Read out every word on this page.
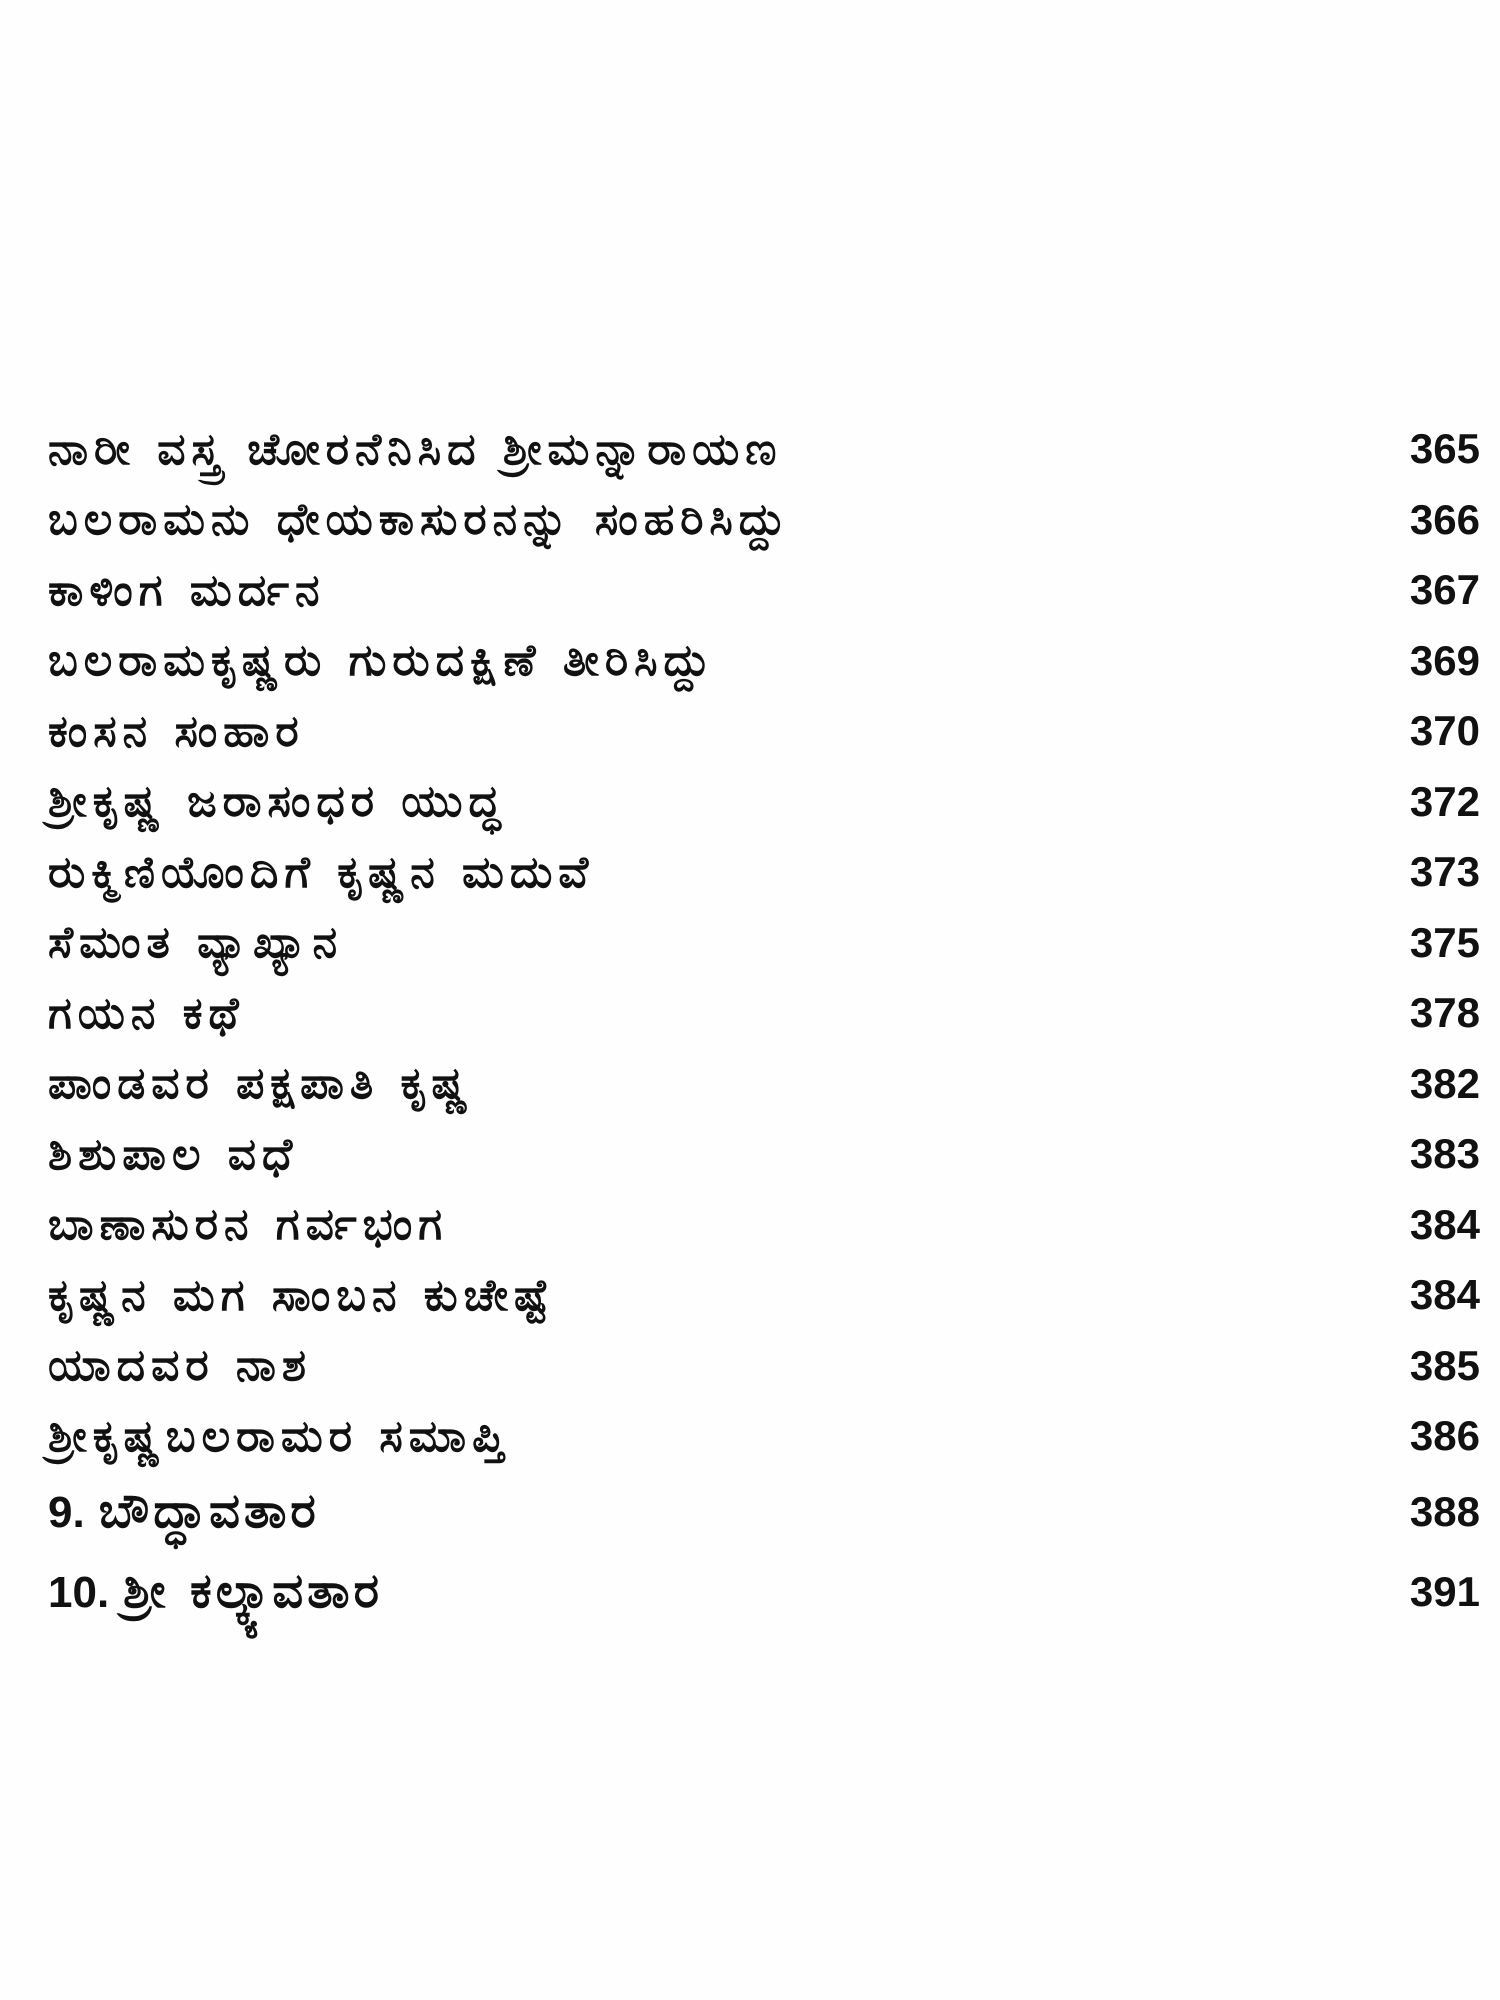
ನಾರೀ ವಸ್ತ್ರ ಚೋರನೆನಿಸಿದ ಶ್ರೀಮನ್ನಾರಾಯಣ	365
ಬಲರಾಮನು ಧೇಯಕಾಸುರನನ್ನು ಸಂಹರಿಸಿದ್ದು	366
ಕಾಳಿಂಗ ಮರ್ದನ	367
ಬಲರಾಮಕೃಷ್ಣರು ಗುರುದಕ್ಷಿಣೆ ತೀರಿಸಿದ್ದು	369
ಕಂಸನ ಸಂಹಾರ	370
ಶ್ರೀಕೃಷ್ಣ ಜರಾಸಂಧರ ಯುದ್ಧ	372
ರುಕ್ಮಿಣಿಯೊಂದಿಗೆ ಕೃಷ್ಣನ ಮದುವೆ	373
ಸೆಮಂತ ವ್ಯಾಖ್ಯಾನ	375
ಗಯನ ಕಥೆ	378
ಪಾಂಡವರ ಪಕ್ಷಪಾತಿ ಕೃಷ್ಣ	382
ಶಿಶುಪಾಲ ವಧೆ	383
ಬಾಣಾಸುರನ ಗರ್ವಭಂಗ	384
ಕೃಷ್ಣನ ಮಗ ಸಾಂಬನ ಕುಚೇಷ್ಟೆ	384
ಯಾದವರ ನಾಶ	385
ಶ್ರೀಕೃಷ್ಣಬಲರಾಮರ ಸಮಾಪ್ತಿ	386
9. ಬೌದ್ಧಾವತಾರ	388
10. ಶ್ರೀ ಕಲ್ಕ್ಯಾವತಾರ	391
